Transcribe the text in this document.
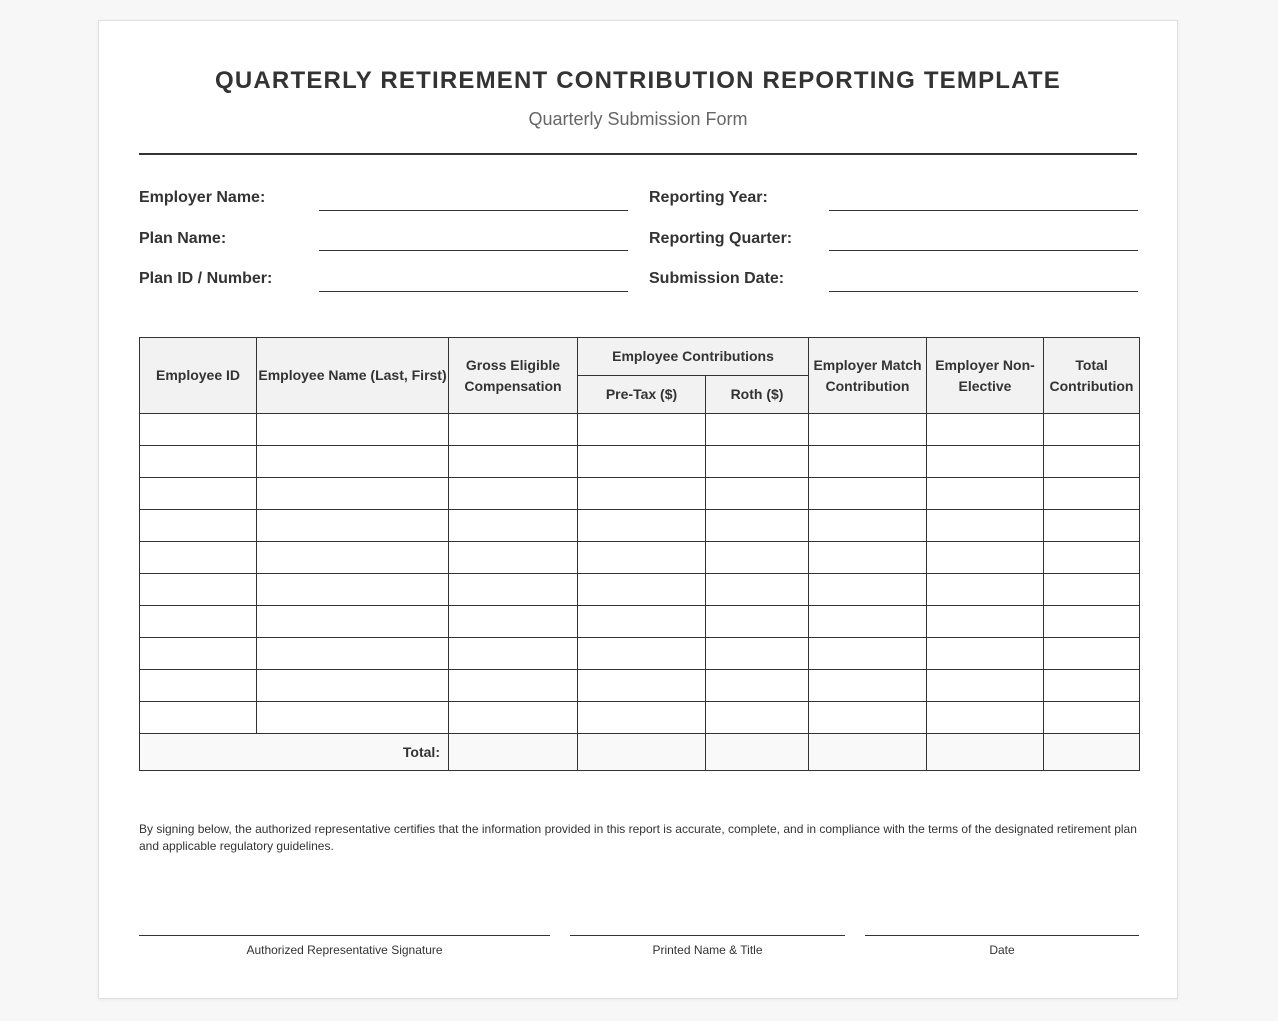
QUARTERLY RETIREMENT CONTRIBUTION REPORTING TEMPLATE
Quarterly Submission Form
Employer Name:
Plan Name:
Plan ID / Number:
Reporting Year:
Reporting Quarter:
Submission Date:
Employee ID	Employee Name (Last, First)	Gross Eligible Compensation	Employee Contributions		Employer Match Contribution	Employer Non-Elective	Total Contribution
			Pre-Tax ($)	Roth ($)			

Total:							
By signing below, the authorized representative certifies that the information provided in this report is accurate, complete, and in compliance with the terms of the designated retirement plan and applicable regulatory guidelines.
Authorized Representative Signature	Printed Name & Title	Date
